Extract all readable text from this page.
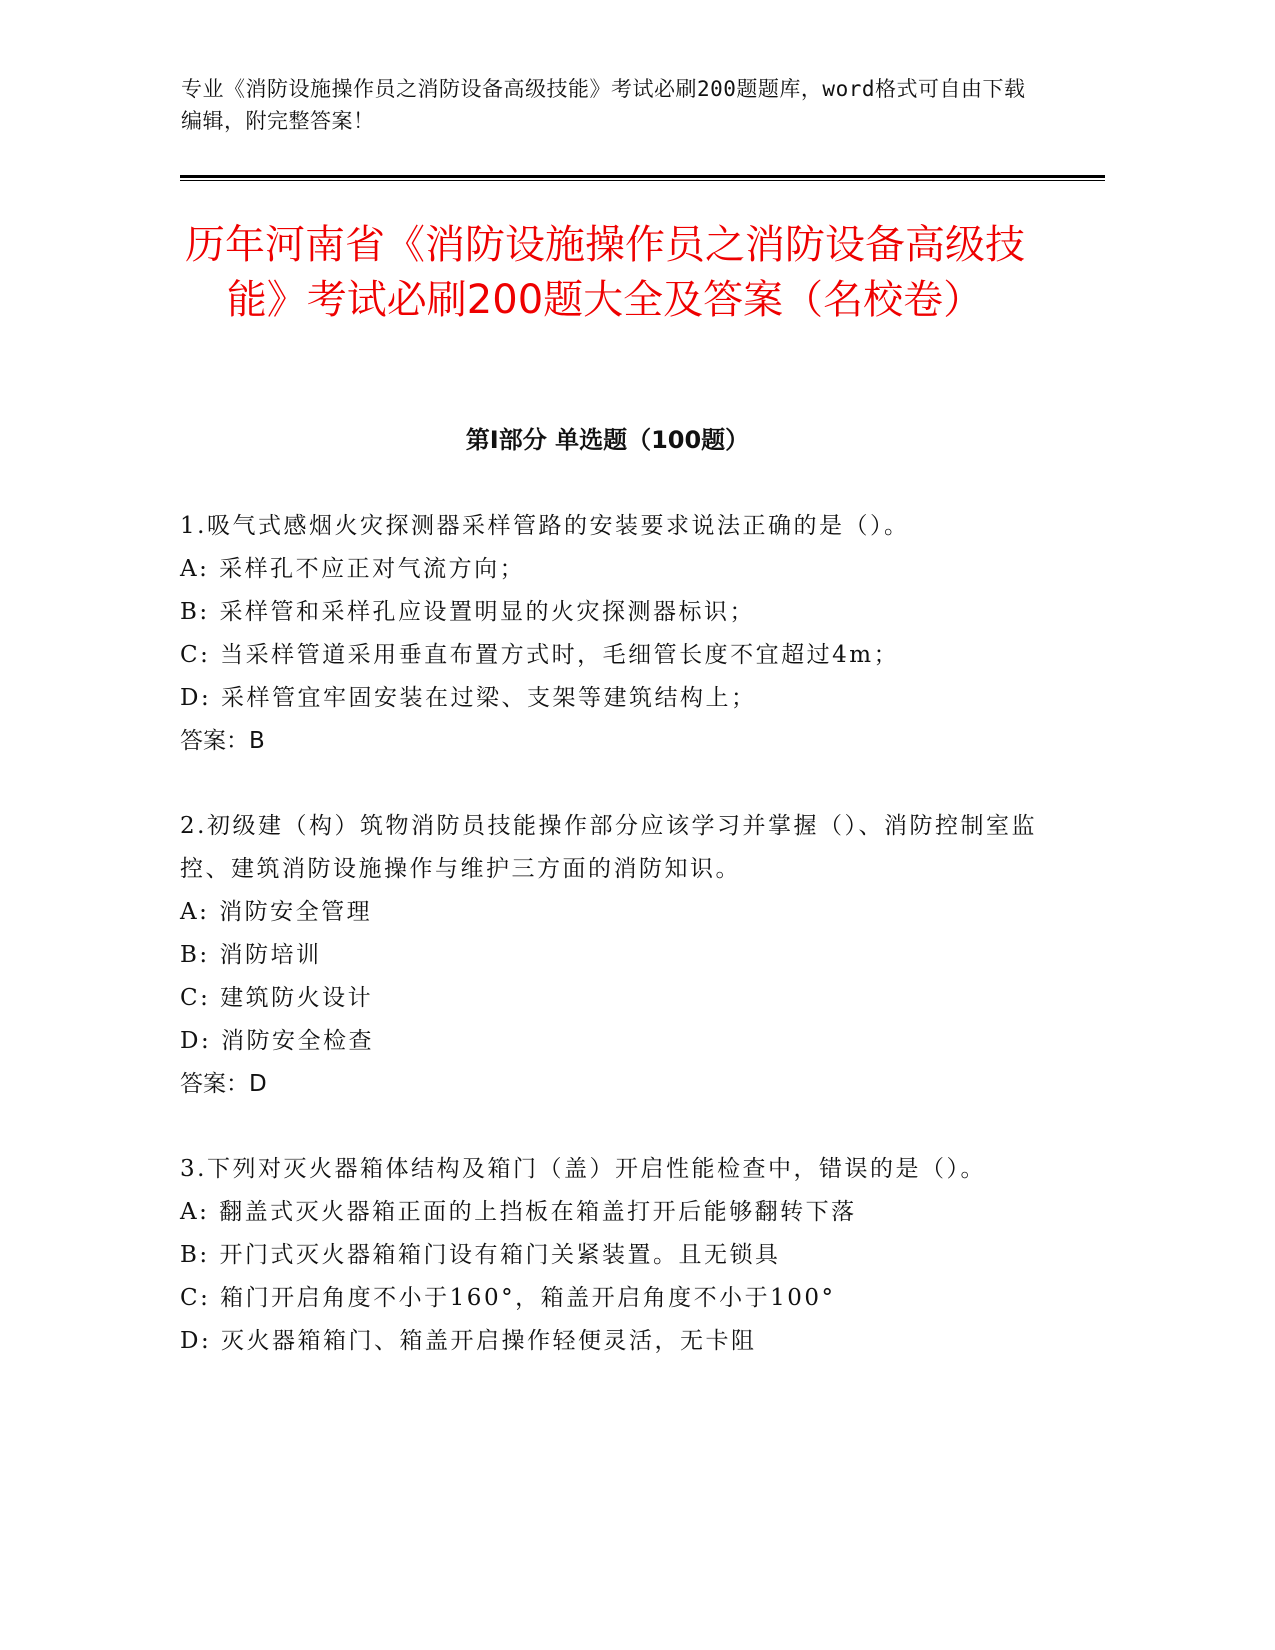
专业《消防设施操作员之消防设备高级技能》考试必刷200题题库，word格式可自由下载编辑，附完整答案！
历年河南省《消防设施操作员之消防设备高级技能》考试必刷200题大全及答案（名校卷）
第I部分 单选题（100题）
1.吸气式感烟火灾探测器采样管路的安装要求说法正确的是（）。
A: 采样孔不应正对气流方向；
B: 采样管和采样孔应设置明显的火灾探测器标识；
C: 当采样管道采用垂直布置方式时，毛细管长度不宜超过4m；
D: 采样管宜牢固安装在过梁、支架等建筑结构上；
答案：B
2.初级建（构）筑物消防员技能操作部分应该学习并掌握（）、消防控制室监控、建筑消防设施操作与维护三方面的消防知识。
A: 消防安全管理
B: 消防培训
C: 建筑防火设计
D: 消防安全检查
答案：D
3.下列对灭火器箱体结构及箱门（盖）开启性能检查中，错误的是（）。
A: 翻盖式灭火器箱正面的上挡板在箱盖打开后能够翻转下落
B: 开门式灭火器箱箱门设有箱门关紧装置。且无锁具
C: 箱门开启角度不小于160°，箱盖开启角度不小于100°
D: 灭火器箱箱门、箱盖开启操作轻便灵活，无卡阻
